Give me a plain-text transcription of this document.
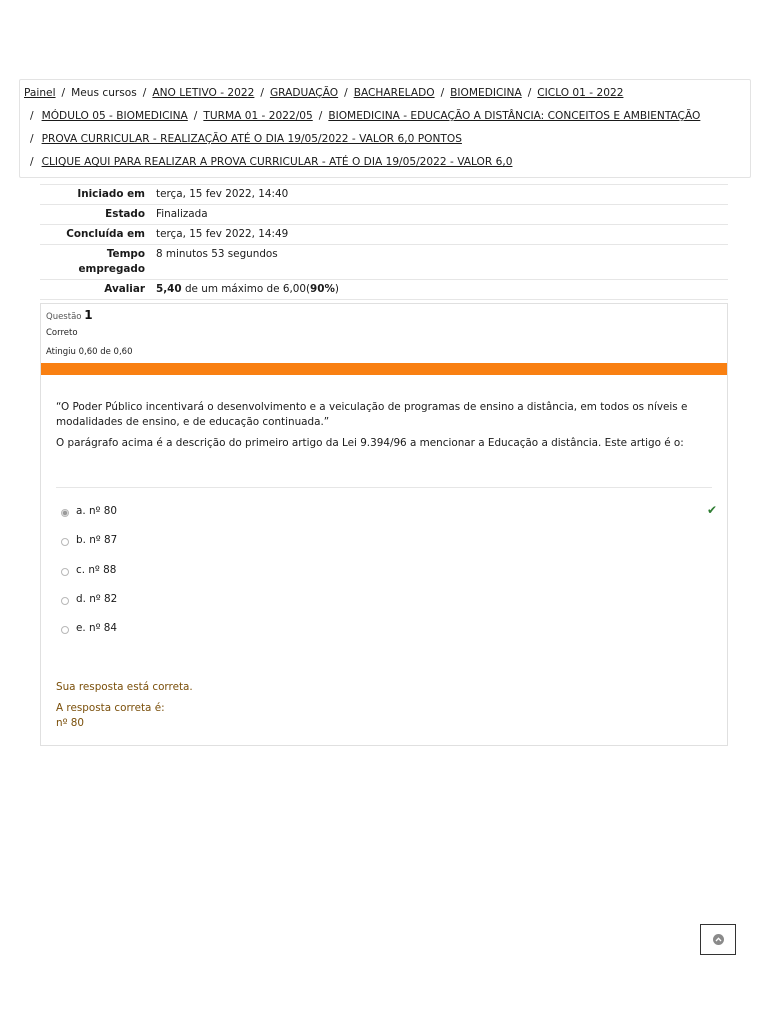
Painel / Meus cursos / ANO LETIVO - 2022 / GRADUAÇÃO / BACHARELADO / BIOMEDICINA / CICLO 01 - 2022
/ MÓDULO 05 - BIOMEDICINA / TURMA 01 - 2022/05 / BIOMEDICINA - EDUCAÇÃO A DISTÂNCIA: CONCEITOS E AMBIENTAÇÃO
/ PROVA CURRICULAR - REALIZAÇÃO ATÉ O DIA 19/05/2022 - VALOR 6,0 PONTOS
/ CLIQUE AQUI PARA REALIZAR A PROVA CURRICULAR - ATÉ O DIA 19/05/2022 - VALOR 6,0
Iniciado em	terça, 15 fev 2022, 14:40
Estado	Finalizada
Concluída em	terça, 15 fev 2022, 14:49
Tempo
empregado	8 minutos 53 segundos
Avaliar	5,40 de um máximo de 6,00(90%)
Questão 1
Correto
Atingiu 0,60 de 0,60

“O Poder Público incentivará o desenvolvimento e a veiculação de programas de ensino a distância, em todos os níveis e modalidades de ensino, e de educação continuada.”

O parágrafo acima é a descrição do primeiro artigo da Lei 9.394/96 a mencionar a Educação a distância. Este artigo é o:

a. nº 80	✔
b. nº 87
c. nº 88
d. nº 82
e. nº 84
Sua resposta está correta.
A resposta correta é:
nº 80
